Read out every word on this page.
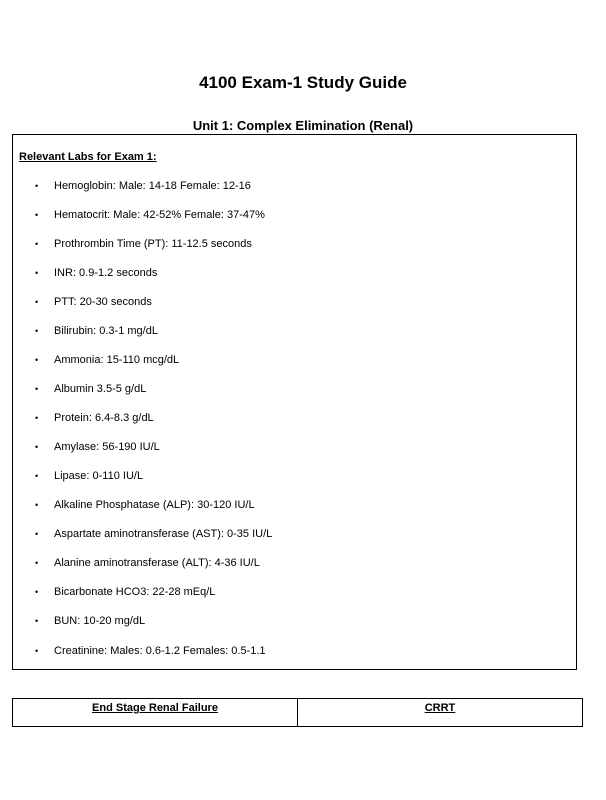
4100 Exam-1 Study Guide
Unit 1: Complex Elimination (Renal)
Relevant Labs for Exam 1:
• Hemoglobin: Male: 14-18 Female: 12-16
• Hematocrit: Male: 42-52% Female: 37-47%
• Prothrombin Time (PT): 11-12.5 seconds
• INR: 0.9-1.2 seconds
• PTT: 20-30 seconds
• Bilirubin: 0.3-1 mg/dL
• Ammonia: 15-110 mcg/dL
• Albumin 3.5-5 g/dL
• Protein: 6.4-8.3 g/dL
• Amylase: 56-190 IU/L
• Lipase: 0-110 IU/L
• Alkaline Phosphatase (ALP): 30-120 IU/L
• Aspartate aminotransferase (AST): 0-35 IU/L
• Alanine aminotransferase (ALT): 4-36 IU/L
• Bicarbonate HCO3: 22-28 mEq/L
• BUN: 10-20 mg/dL
• Creatinine: Males: 0.6-1.2 Females: 0.5-1.1
End Stage Renal Failure	CRRT
